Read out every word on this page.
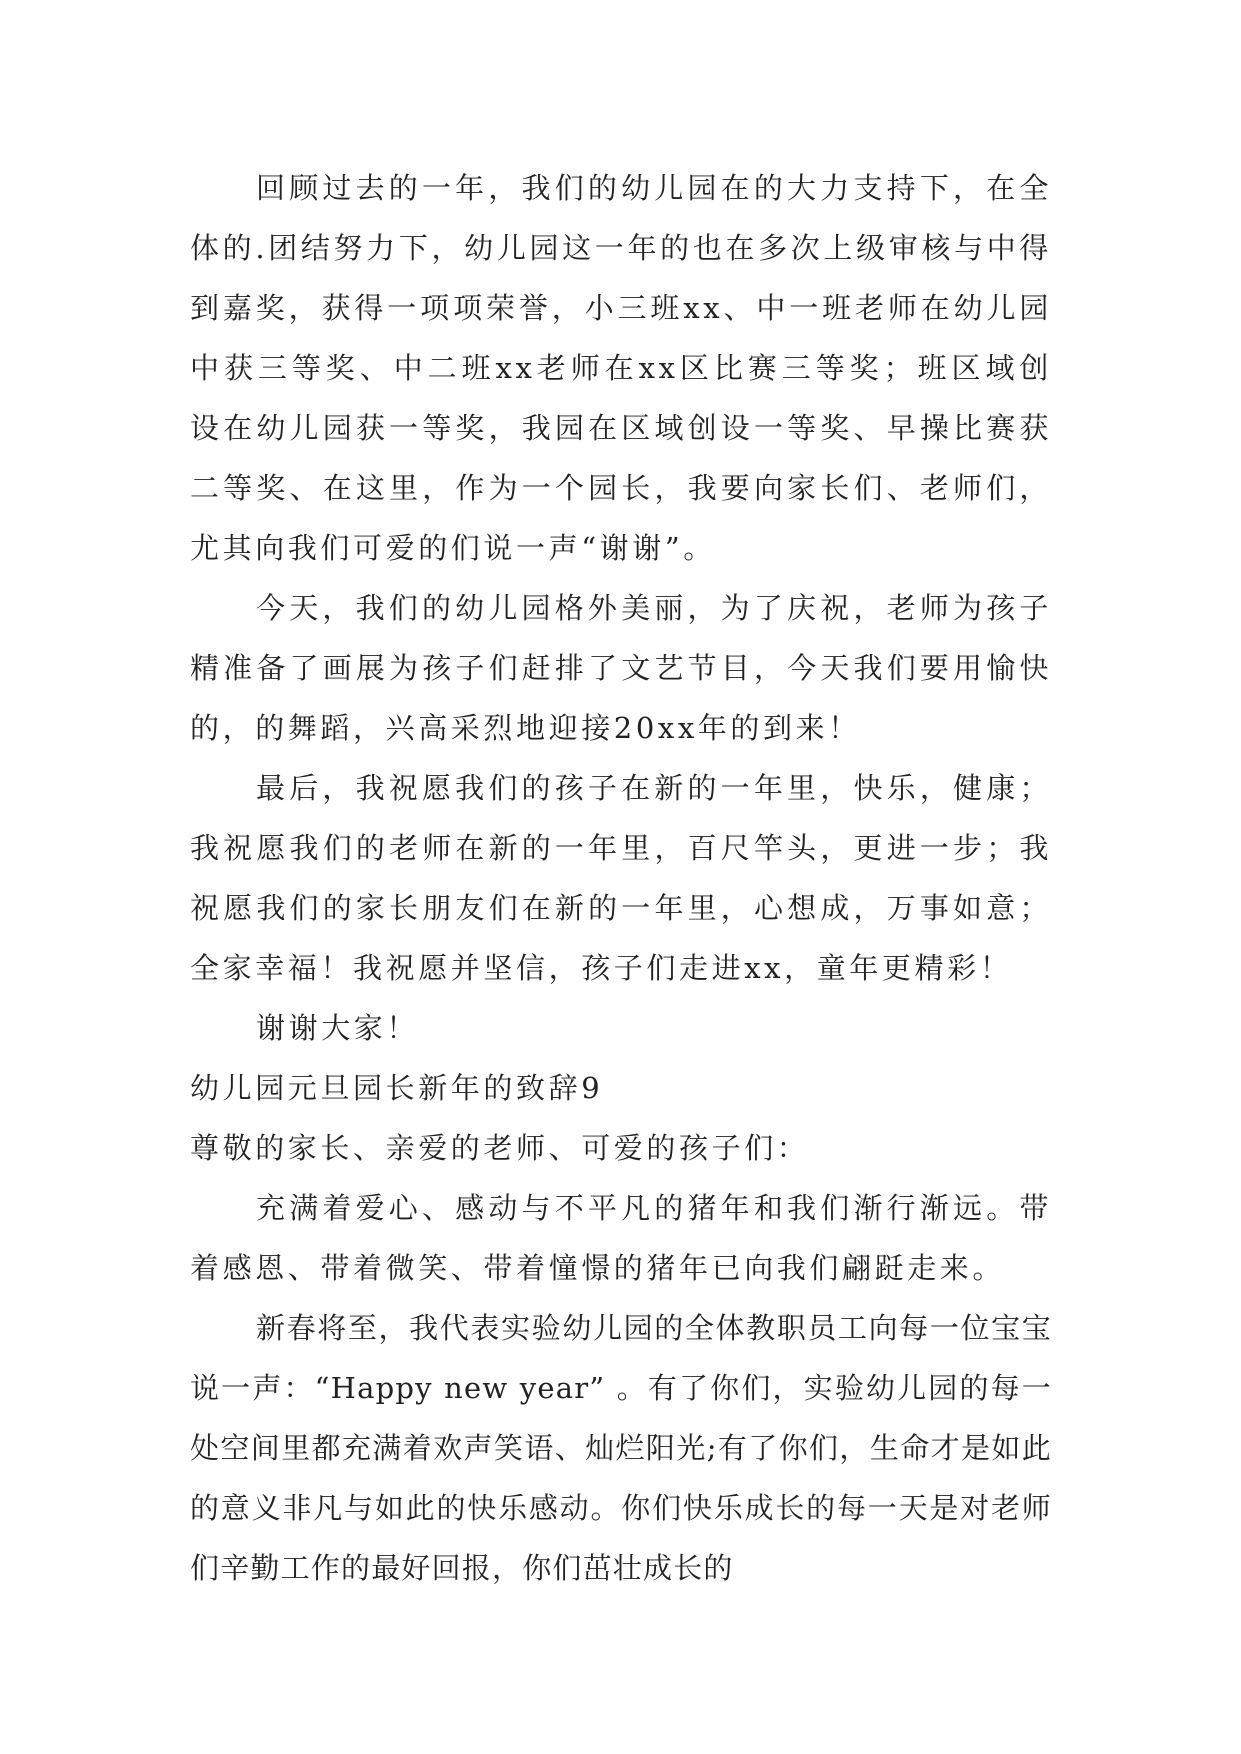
回顾过去的一年，我们的幼儿园在的大力支持下，在全体的.团结努力下，幼儿园这一年的也在多次上级审核与中得到嘉奖，获得一项项荣誉，小三班xx、中一班老师在幼儿园中获三等奖、中二班xx老师在xx区比赛三等奖；班区域创设在幼儿园获一等奖，我园在区域创设一等奖、早操比赛获二等奖、在这里，作为一个园长，我要向家长们、老师们，尤其向我们可爱的们说一声“谢谢”。

今天，我们的幼儿园格外美丽，为了庆祝，老师为孩子精准备了画展为孩子们赶排了文艺节目，今天我们要用愉快的，的舞蹈，兴高采烈地迎接20xx年的到来！

最后，我祝愿我们的孩子在新的一年里，快乐，健康；我祝愿我们的老师在新的一年里，百尺竿头，更进一步；我祝愿我们的家长朋友们在新的一年里，心想成，万事如意；全家幸福！我祝愿并坚信，孩子们走进xx，童年更精彩！

谢谢大家！

幼儿园元旦园长新年的致辞9

尊敬的家长、亲爱的老师、可爱的孩子们：

充满着爱心、感动与不平凡的猪年和我们渐行渐远。带着感恩、带着微笑、带着憧憬的猪年已向我们翩跹走来。

新春将至，我代表实验幼儿园的全体教职员工向每一位宝宝说一声：“Happy new year” 。有了你们，实验幼儿园的每一处空间里都充满着欢声笑语、灿烂阳光;有了你们，生命才是如此的意义非凡与如此的快乐感动。你们快乐成长的每一天是对老师们辛勤工作的最好回报，你们茁壮成长的
